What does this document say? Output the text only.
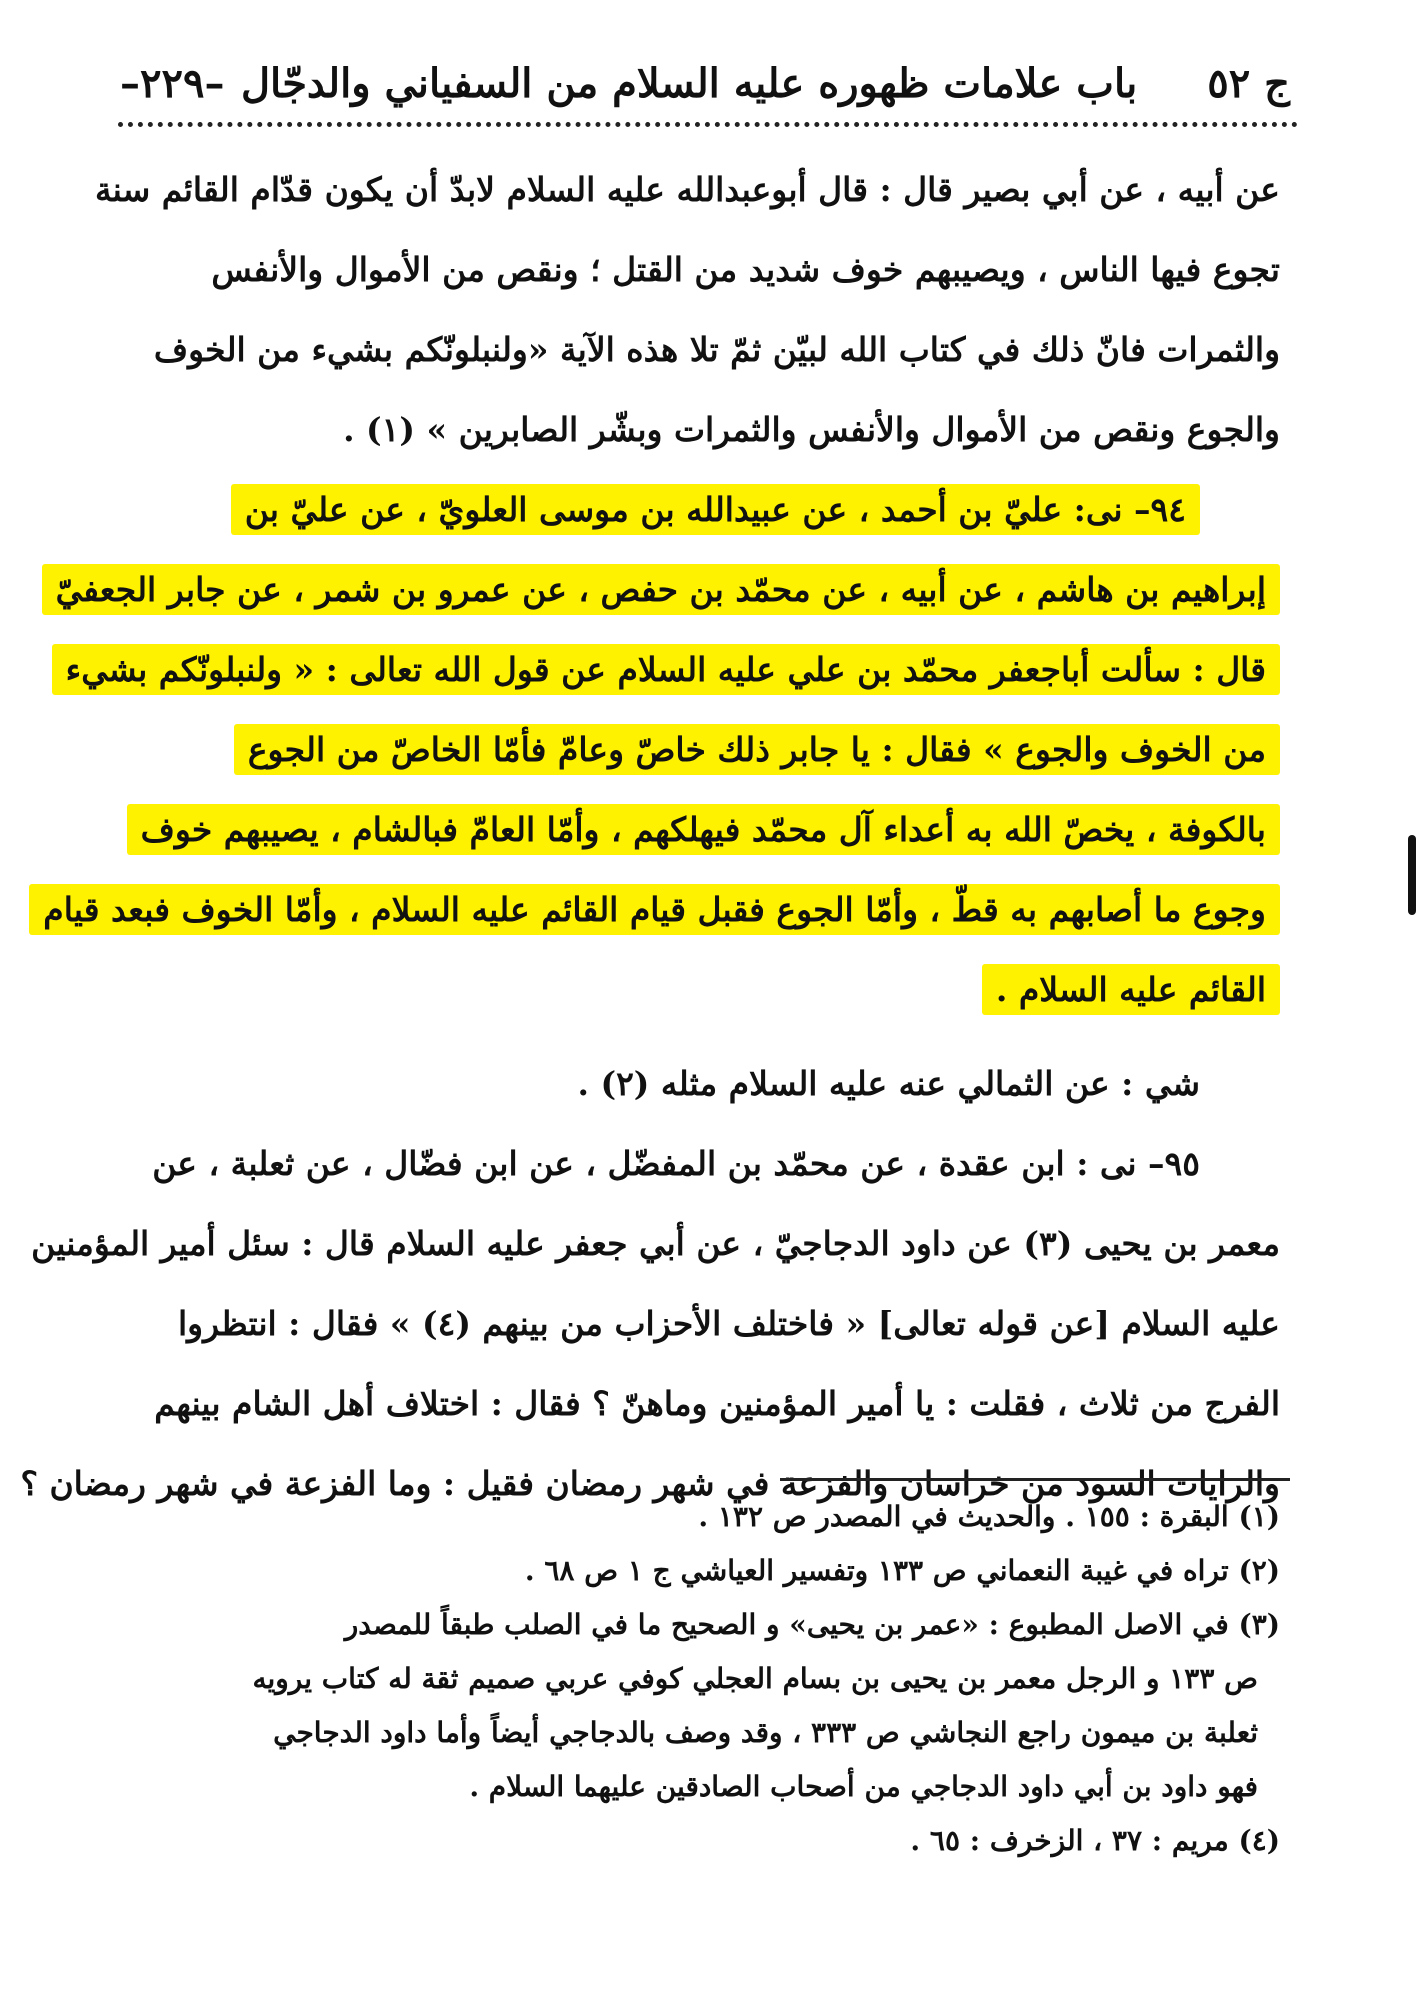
ج ٥٢
باب علامات ظهوره عليه السلام من السفياني والدجّال
–٢٢٩–
عن أبيه ، عن أبي بصير قال : قال أبوعبدالله عليه السلام لابدّ أن يكون قدّام القائم سنة
تجوع فيها الناس ، ويصيبهم خوف شديد من القتل ؛ ونقص من الأموال والأنفس
والثمرات فانّ ذلك في كتاب الله لبيّن ثمّ تلا هذه الآية «ولنبلونّكم بشيء من الخوف
والجوع ونقص من الأموال والأنفس والثمرات وبشّر الصابرين » (١) .
٩٤– نى: عليّ بن أحمد ، عن عبيدالله بن موسى العلويّ ، عن عليّ بن
إبراهيم بن هاشم ، عن أبيه ، عن محمّد بن حفص ، عن عمرو بن شمر ، عن جابر الجعفيّ
قال : سألت أباجعفر محمّد بن علي عليه السلام عن قول الله تعالى : « ولنبلونّكم بشيء
من الخوف والجوع » فقال : يا جابر ذلك خاصّ وعامّ فأمّا الخاصّ من الجوع
بالكوفة ، يخصّ الله به أعداء آل محمّد فيهلكهم ، وأمّا العامّ فبالشام ، يصيبهم خوف
وجوع ما أصابهم به قطّ ، وأمّا الجوع فقبل قيام القائم عليه السلام ، وأمّا الخوف فبعد قيام
القائم عليه السلام .
شي : عن الثمالي عنه عليه السلام مثله (٢) .
٩٥– نى : ابن عقدة ، عن محمّد بن المفضّل ، عن ابن فضّال ، عن ثعلبة ، عن
معمر بن يحيى (٣) عن داود الدجاجيّ ، عن أبي جعفر عليه السلام قال : سئل أمير المؤمنين
عليه السلام [عن قوله تعالى] « فاختلف الأحزاب من بينهم (٤) » فقال : انتظروا
الفرج من ثلاث ، فقلت : يا أمير المؤمنين وماهنّ ؟ فقال : اختلاف أهل الشام بينهم
والرايات السود من خراسان والفزعة في شهر رمضان فقيل : وما الفزعة في شهر رمضان ؟
(١) البقرة : ١٥٥ . والحديث في المصدر ص ١٣٢ .
(٢) تراه في غيبة النعماني ص ١٣٣ وتفسير العياشي ج ١ ص ٦٨ .
(٣) في الاصل المطبوع : «عمر بن يحيى» و الصحيح ما في الصلب طبقاً للمصدر
ص ١٣٣ و الرجل معمر بن يحيى بن بسام العجلي كوفي عربي صميم ثقة له كتاب يرويه
ثعلبة بن ميمون راجع النجاشي ص ٣٣٣ ، وقد وصف بالدجاجي أيضاً وأما داود الدجاجي
فهو داود بن أبي داود الدجاجي من أصحاب الصادقين عليهما السلام .
(٤) مريم : ٣٧ ، الزخرف : ٦٥ .
